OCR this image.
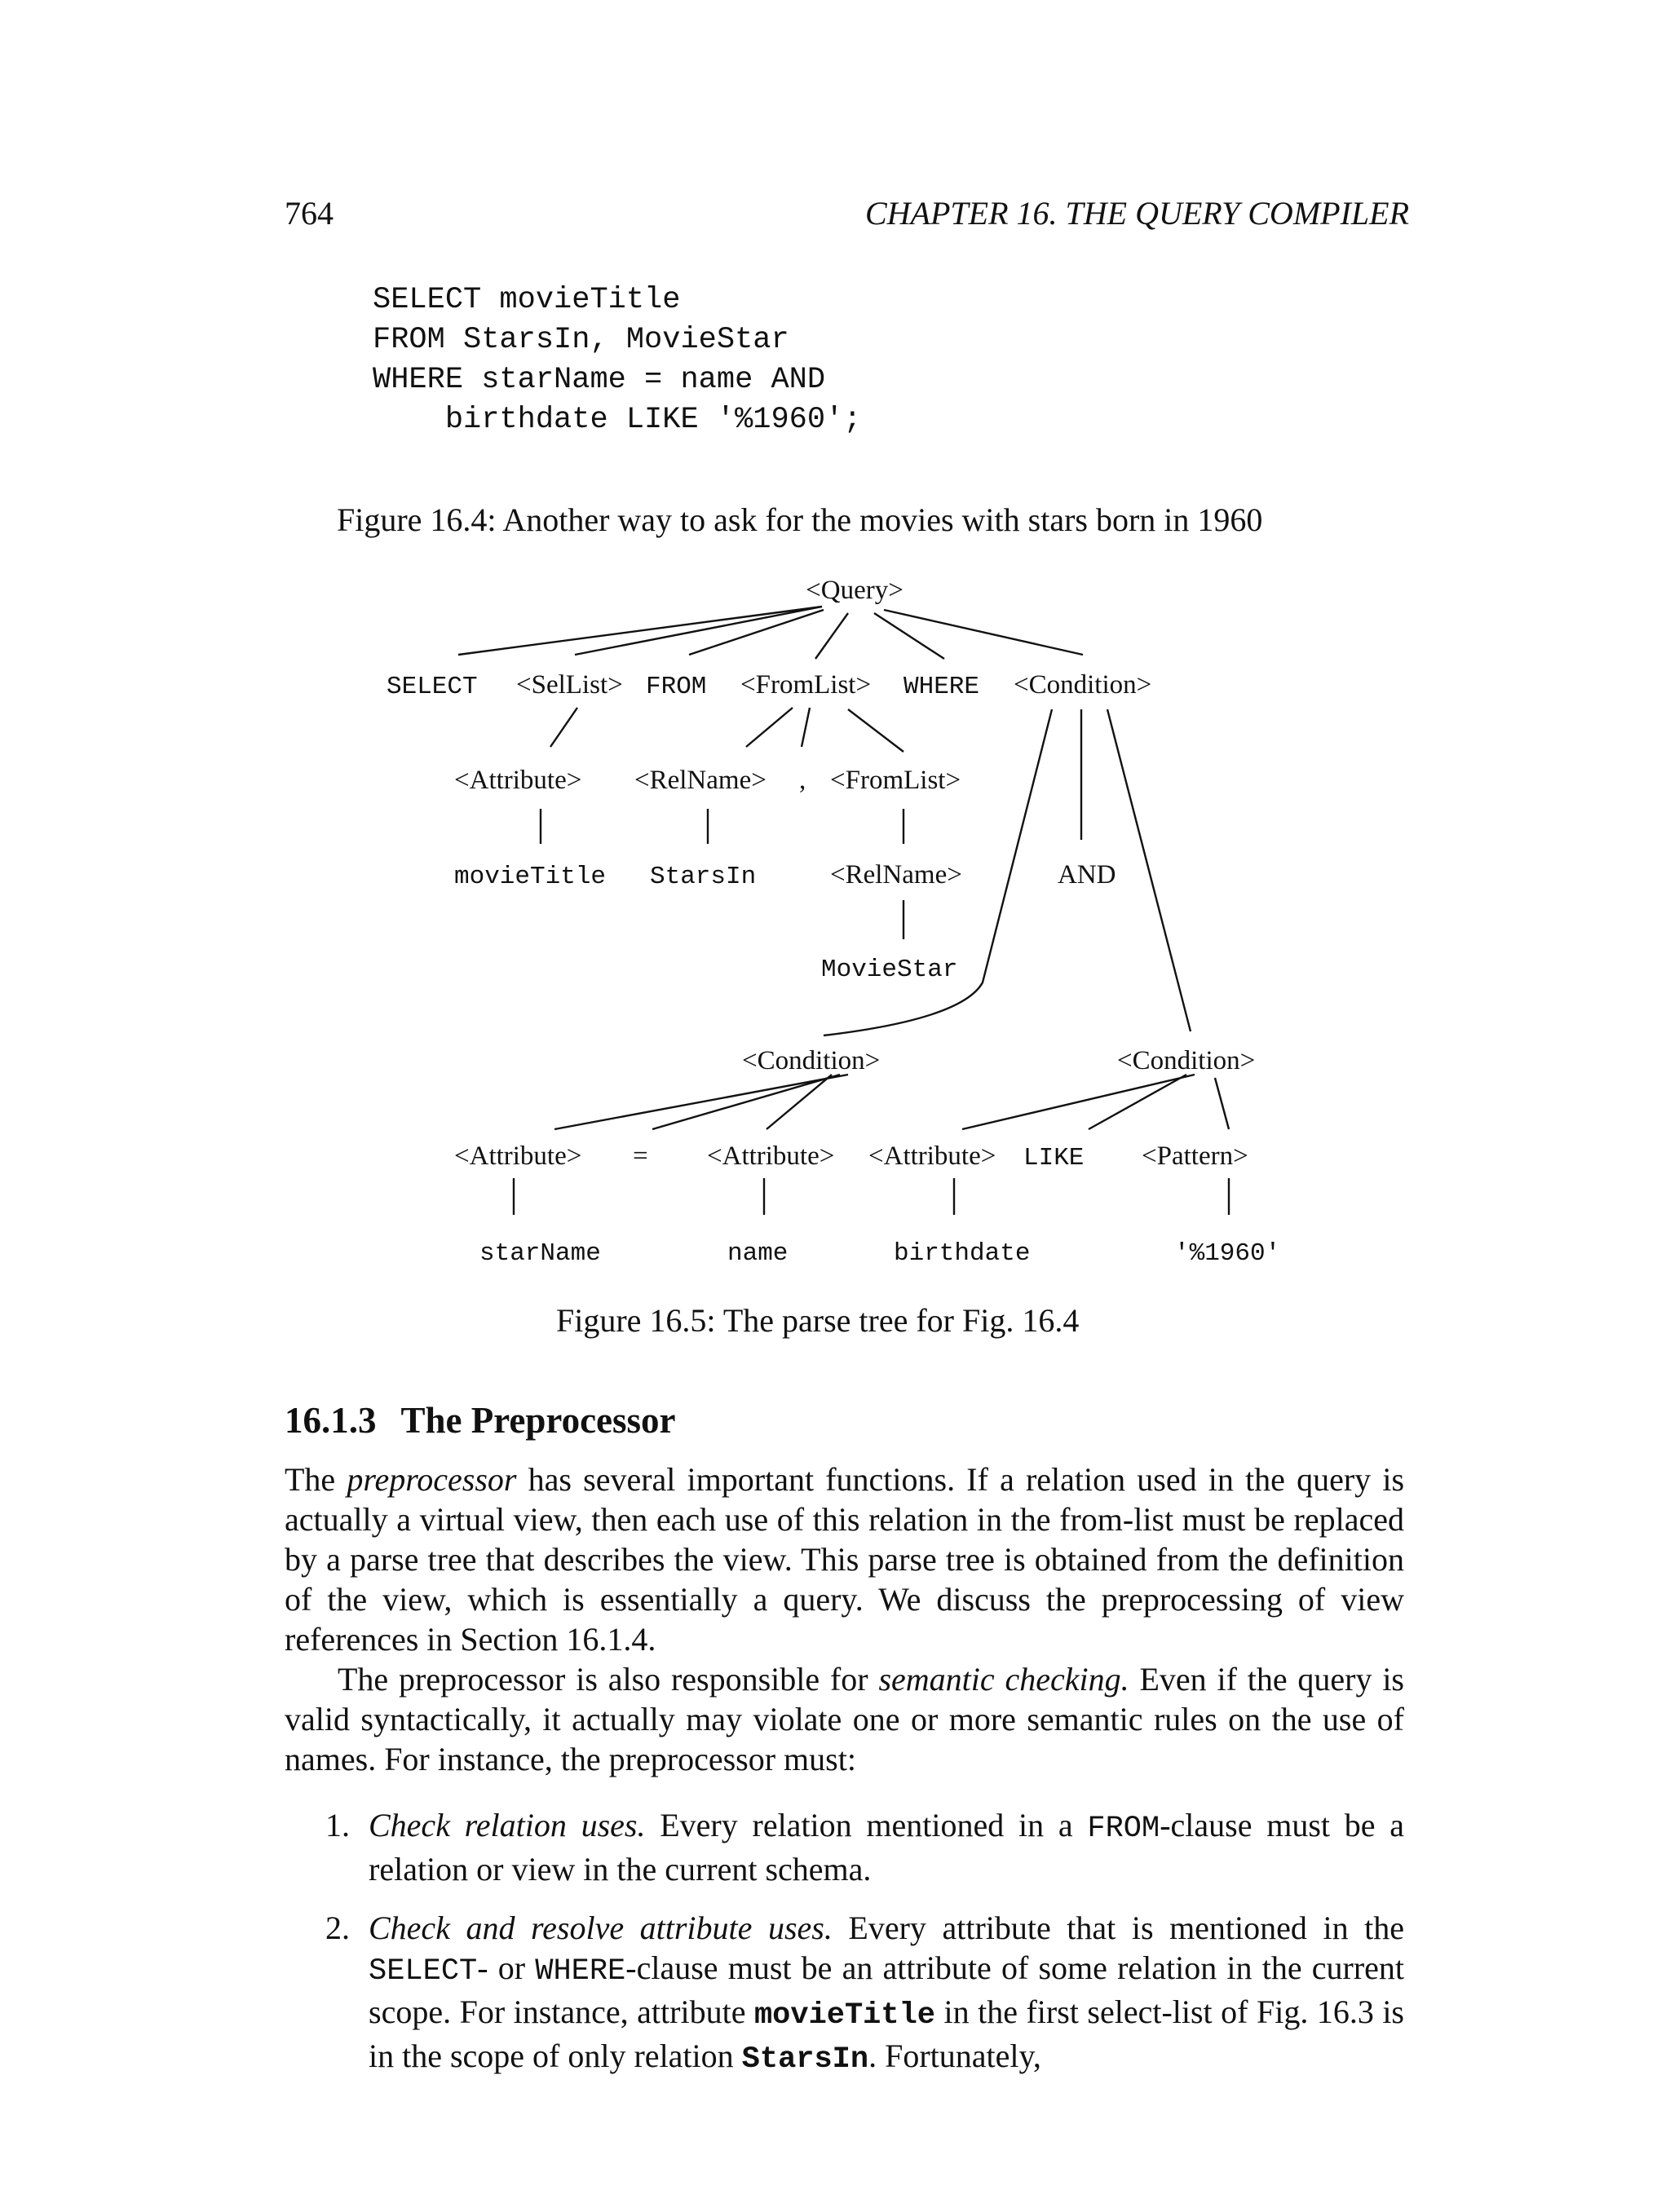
764	CHAPTER 16. THE QUERY COMPILER
SELECT movieTitle
FROM StarsIn, MovieStar
WHERE starName = name AND
birthdate LIKE '%1960';
Figure 16.4: Another way to ask for the movies with stars born in 1960
<Query>
SELECT <SelList> FROM <FromList> WHERE <Condition>
<Attribute> <RelName> , <FromList>
movieTitle StarsIn	<RelName>	AND
MovieStar
<Condition>	<Condition>
<Attribute> = <Attribute> <Attribute> LIKE <Pattern>
starName	name	birthdate	'%1960'
Figure 16.5: The parse tree for Fig. 16.4
16.1.3 The Preprocessor

The preprocessor has several important functions. If a relation used in the query is actually a virtual view, then each use of this relation in the from-list must be replaced by a parse tree that describes the view. This parse tree is obtained from the definition of the view, which is essentially a query. We discuss the preprocessing of view references in Section 16.1.4.

The preprocessor is also responsible for semantic checking. Even if the query is valid syntactically, it actually may violate one or more semantic rules on the use of names. For instance, the preprocessor must:

1. Check relation uses. Every relation mentioned in a FROM-clause must be a relation or view in the current schema.
2. Check and resolve attribute uses. Every attribute that is mentioned in the SELECT- or WHERE-clause must be an attribute of some relation in the current scope. For instance, attribute movieTitle in the first select-list of Fig. 16.3 is in the scope of only relation StarsIn. Fortunately,
